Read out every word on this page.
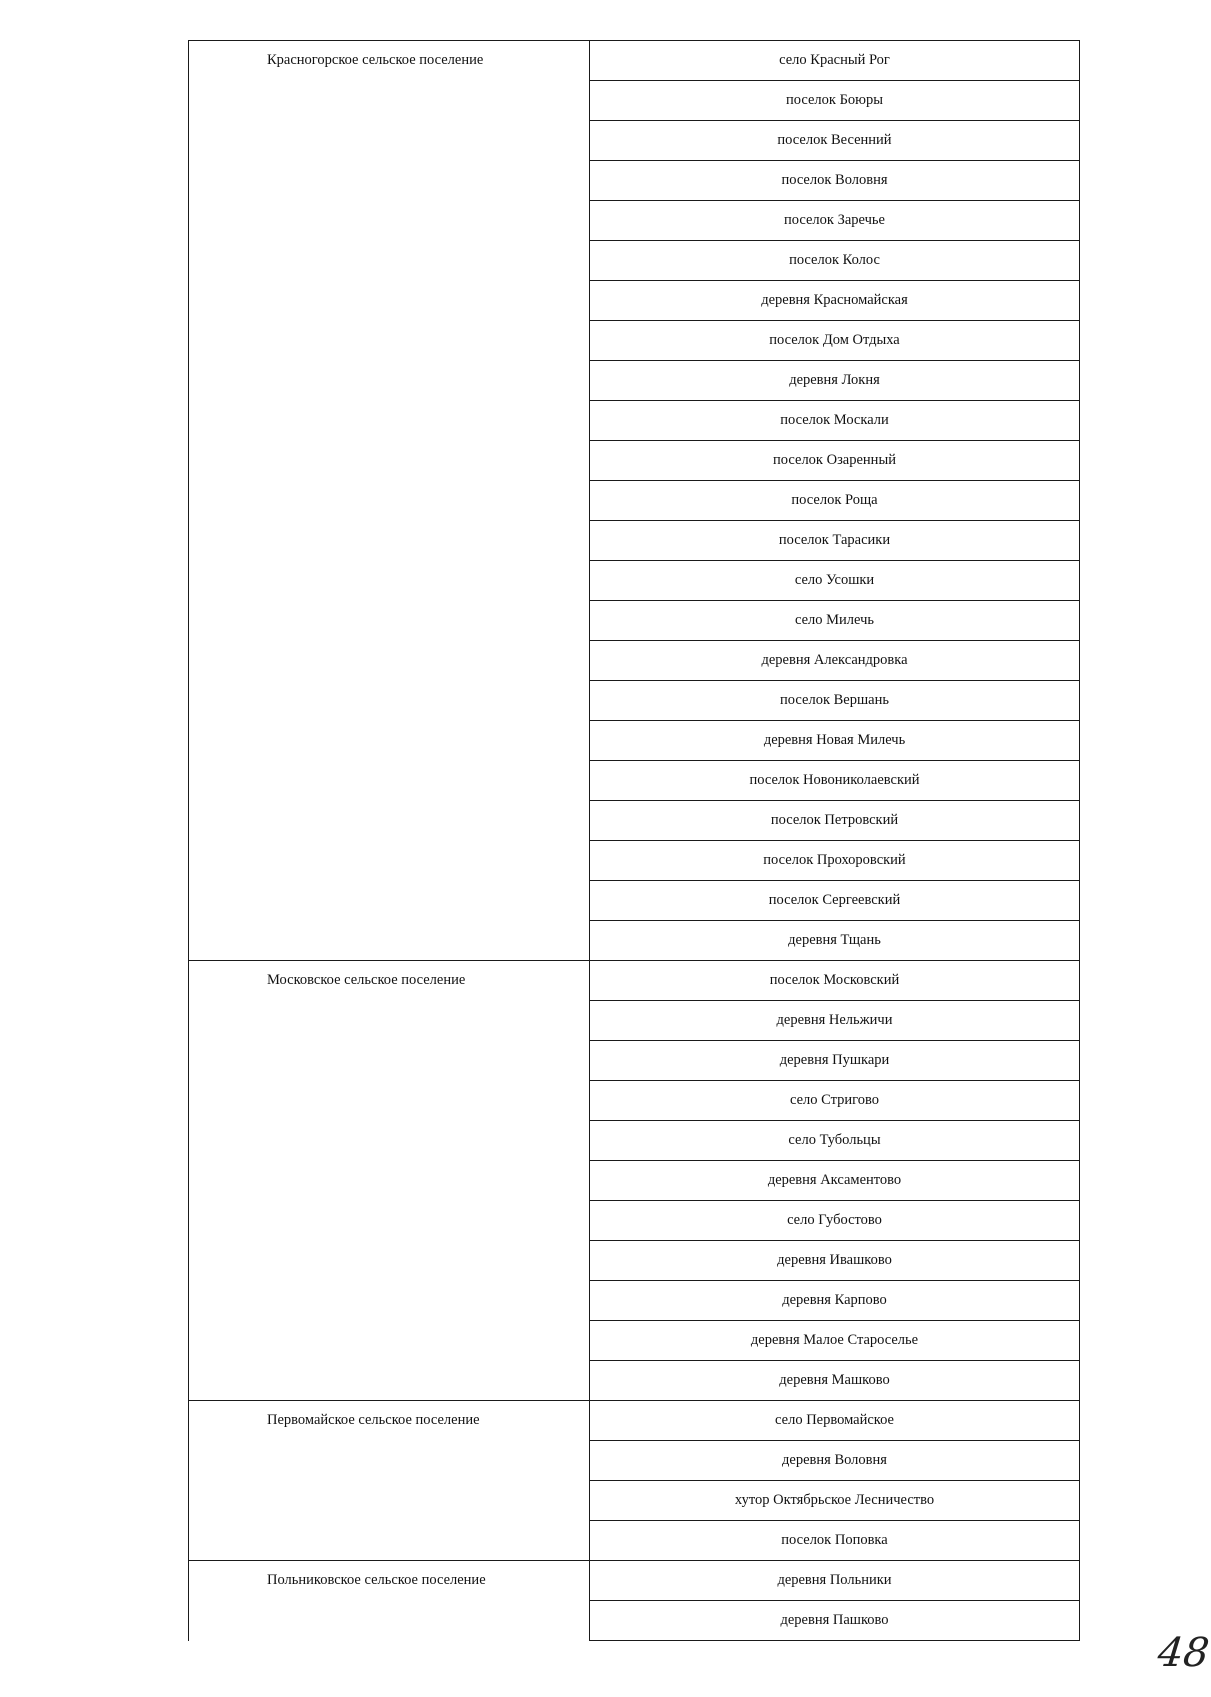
Красногорское сельское поселение	село Красный Рог
	поселок Боюры
	поселок Весенний
	поселок Воловня
	поселок Заречье
	поселок Колос
	деревня Красномайская
	поселок Дом Отдыха
	деревня Локня
	поселок Москали
	поселок Озаренный
	поселок Роща
	поселок Тарасики
	село Усошки
	село Милечь
	деревня Александровка
	поселок Вершань
	деревня Новая Милечь
	поселок Новониколаевский
	поселок Петровский
	поселок Прохоровский
	поселок Сергеевский
	деревня Тщань
Московское сельское поселение	поселок Московский
	деревня Нельжичи
	деревня Пушкари
	село Стригово
	село Тубольцы
	деревня Аксаментово
	село Губостово
	деревня Ивашково
	деревня Карпово
	деревня Малое Староселье
	деревня Машково
Первомайское сельское поселение	село Первомайское
	деревня Воловня
	хутор Октябрьское Лесничество
	поселок Поповка
Польниковское сельское поселение	деревня Польники
	деревня Пашково
48
